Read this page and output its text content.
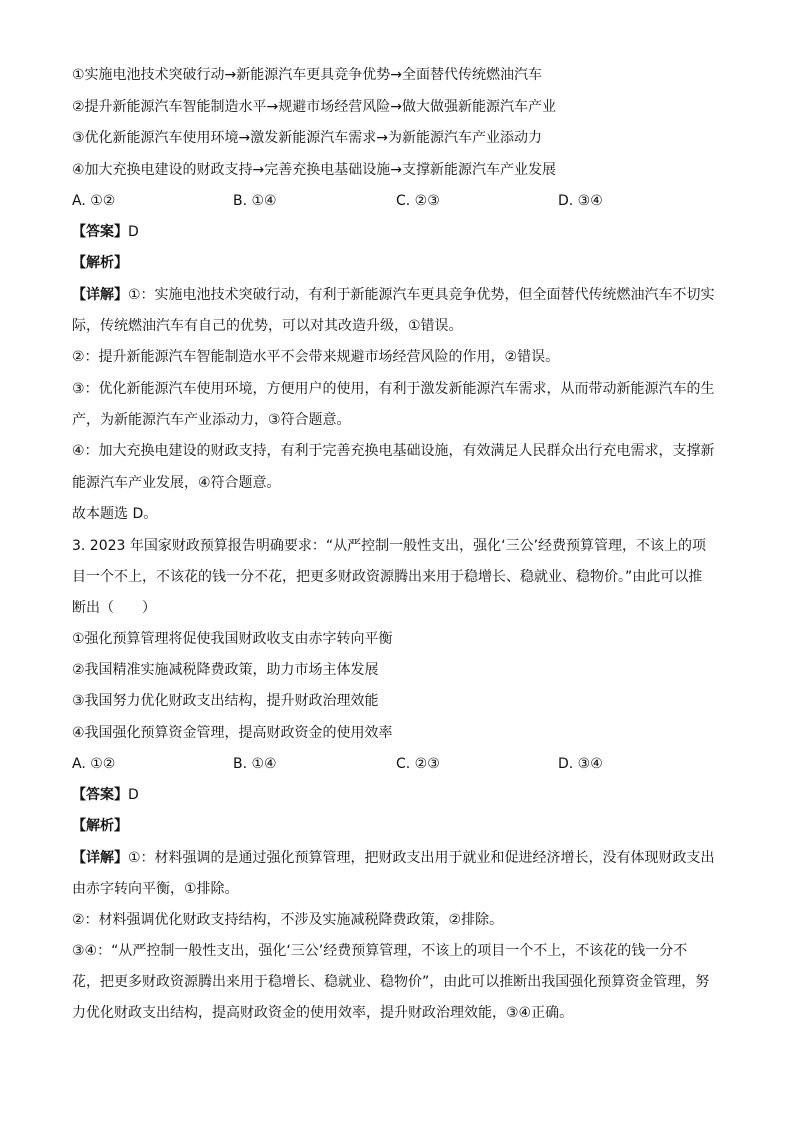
①实施电池技术突破行动→新能源汽车更具竞争优势→全面替代传统燃油汽车
②提升新能源汽车智能制造水平→规避市场经营风险→做大做强新能源汽车产业
③优化新能源汽车使用环境→激发新能源汽车需求→为新能源汽车产业添动力
④加大充换电建设的财政支持→完善充换电基础设施→支撑新能源汽车产业发展
A. ①②	B. ①④	C. ②③	D. ③④
【答案】D
【解析】
【详解】①：实施电池技术突破行动，有利于新能源汽车更具竞争优势，但全面替代传统燃油汽车不切实
际，传统燃油汽车有自己的优势，可以对其改造升级，①错误。
②：提升新能源汽车智能制造水平不会带来规避市场经营风险的作用，②错误。
③：优化新能源汽车使用环境，方便用户的使用，有利于激发新能源汽车需求，从而带动新能源汽车的生
产，为新能源汽车产业添动力，③符合题意。
④：加大充换电建设的财政支持，有利于完善充换电基础设施，有效满足人民群众出行充电需求，支撑新
能源汽车产业发展，④符合题意。
故本题选 D。
3. 2023 年国家财政预算报告明确要求：“从严控制一般性支出，强化‘三公’经费预算管理，不该上的项
目一个不上，不该花的钱一分不花，把更多财政资源腾出来用于稳增长、稳就业、稳物价。”由此可以推
断出（　　）
①强化预算管理将促使我国财政收支由赤字转向平衡
②我国精准实施减税降费政策，助力市场主体发展
③我国努力优化财政支出结构，提升财政治理效能
④我国强化预算资金管理，提高财政资金的使用效率
A. ①②	B. ①④	C. ②③	D. ③④
【答案】D
【解析】
【详解】①：材料强调的是通过强化预算管理，把财政支出用于就业和促进经济增长，没有体现财政支出
由赤字转向平衡，①排除。
②：材料强调优化财政支持结构，不涉及实施减税降费政策，②排除。
③④：“从严控制一般性支出，强化‘三公’经费预算管理，不该上的项目一个不上，不该花的钱一分不
花，把更多财政资源腾出来用于稳增长、稳就业、稳物价”，由此可以推断出我国强化预算资金管理，努
力优化财政支出结构，提高财政资金的使用效率，提升财政治理效能，③④正确。
